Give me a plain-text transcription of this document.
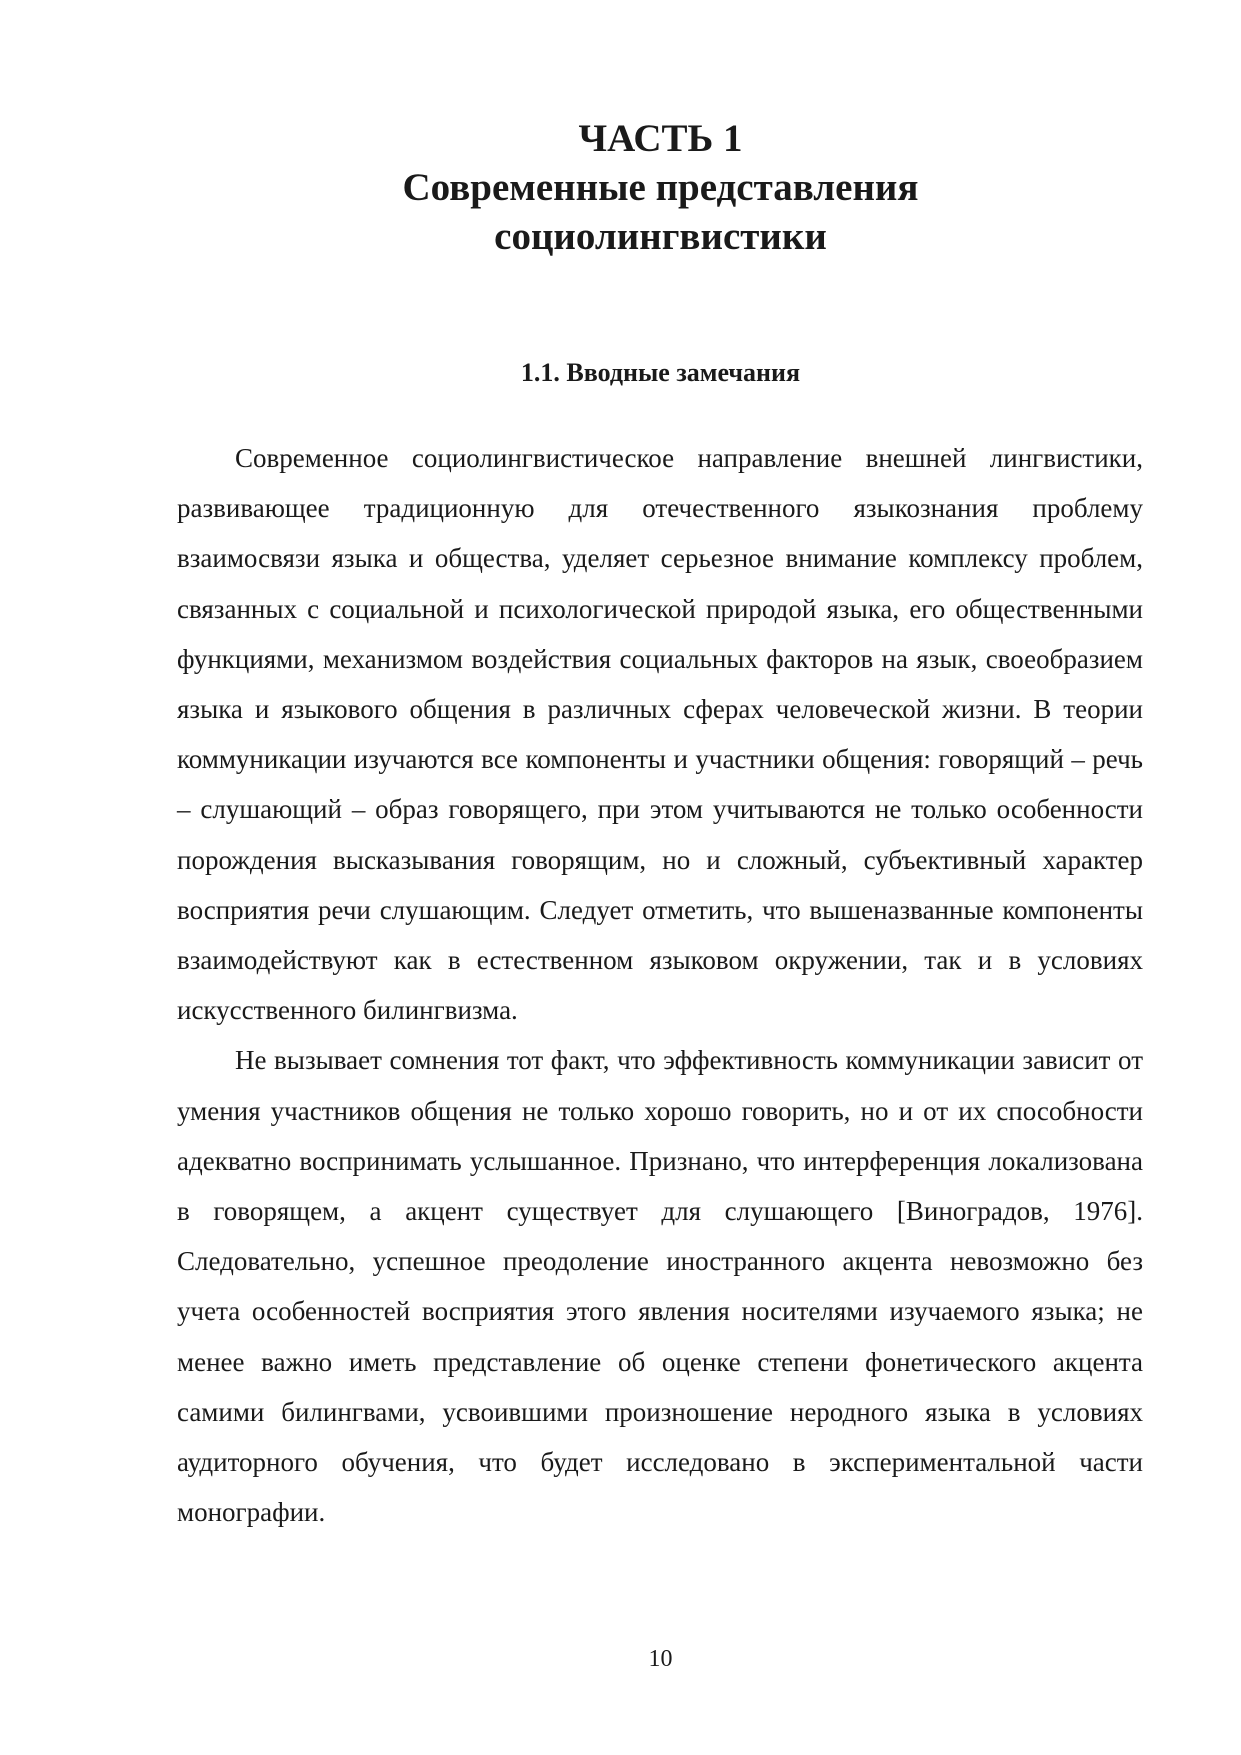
ЧАСТЬ 1
Современные представления
социолингвистики
1.1. Вводные замечания

Современное социолингвистическое направление внешней лингвистики, развивающее традиционную для отечественного языкознания проблему взаимосвязи языка и общества, уделяет серьезное внимание комплексу проблем, связанных с социальной и психологической природой языка, его общественными функциями, механизмом воздействия социальных факторов на язык, своеобразием языка и языкового общения в различных сферах человеческой жизни. В теории коммуникации изучаются все компоненты и участники общения: говорящий – речь – слушающий – образ говорящего, при этом учитываются не только особенности порождения высказывания говорящим, но и сложный, субъективный характер восприятия речи слушающим. Следует отметить, что вышеназванные компоненты взаимодействуют как в естественном языковом окружении, так и в условиях искусственного билингвизма.

Не вызывает сомнения тот факт, что эффективность коммуникации зависит от умения участников общения не только хорошо говорить, но и от их способности адекватно воспринимать услышанное. Признано, что интерференция локализована в говорящем, а акцент существует для слушающего [Виноградов, 1976]. Следовательно, успешное преодоление иностранного акцента невозможно без учета особенностей восприятия этого явления носителями изучаемого языка; не менее важно иметь представление об оценке степени фонетического акцента самими билингвами, усвоившими произношение неродного языка в условиях аудиторного обучения, что будет исследовано в экспериментальной части монографии.

10
